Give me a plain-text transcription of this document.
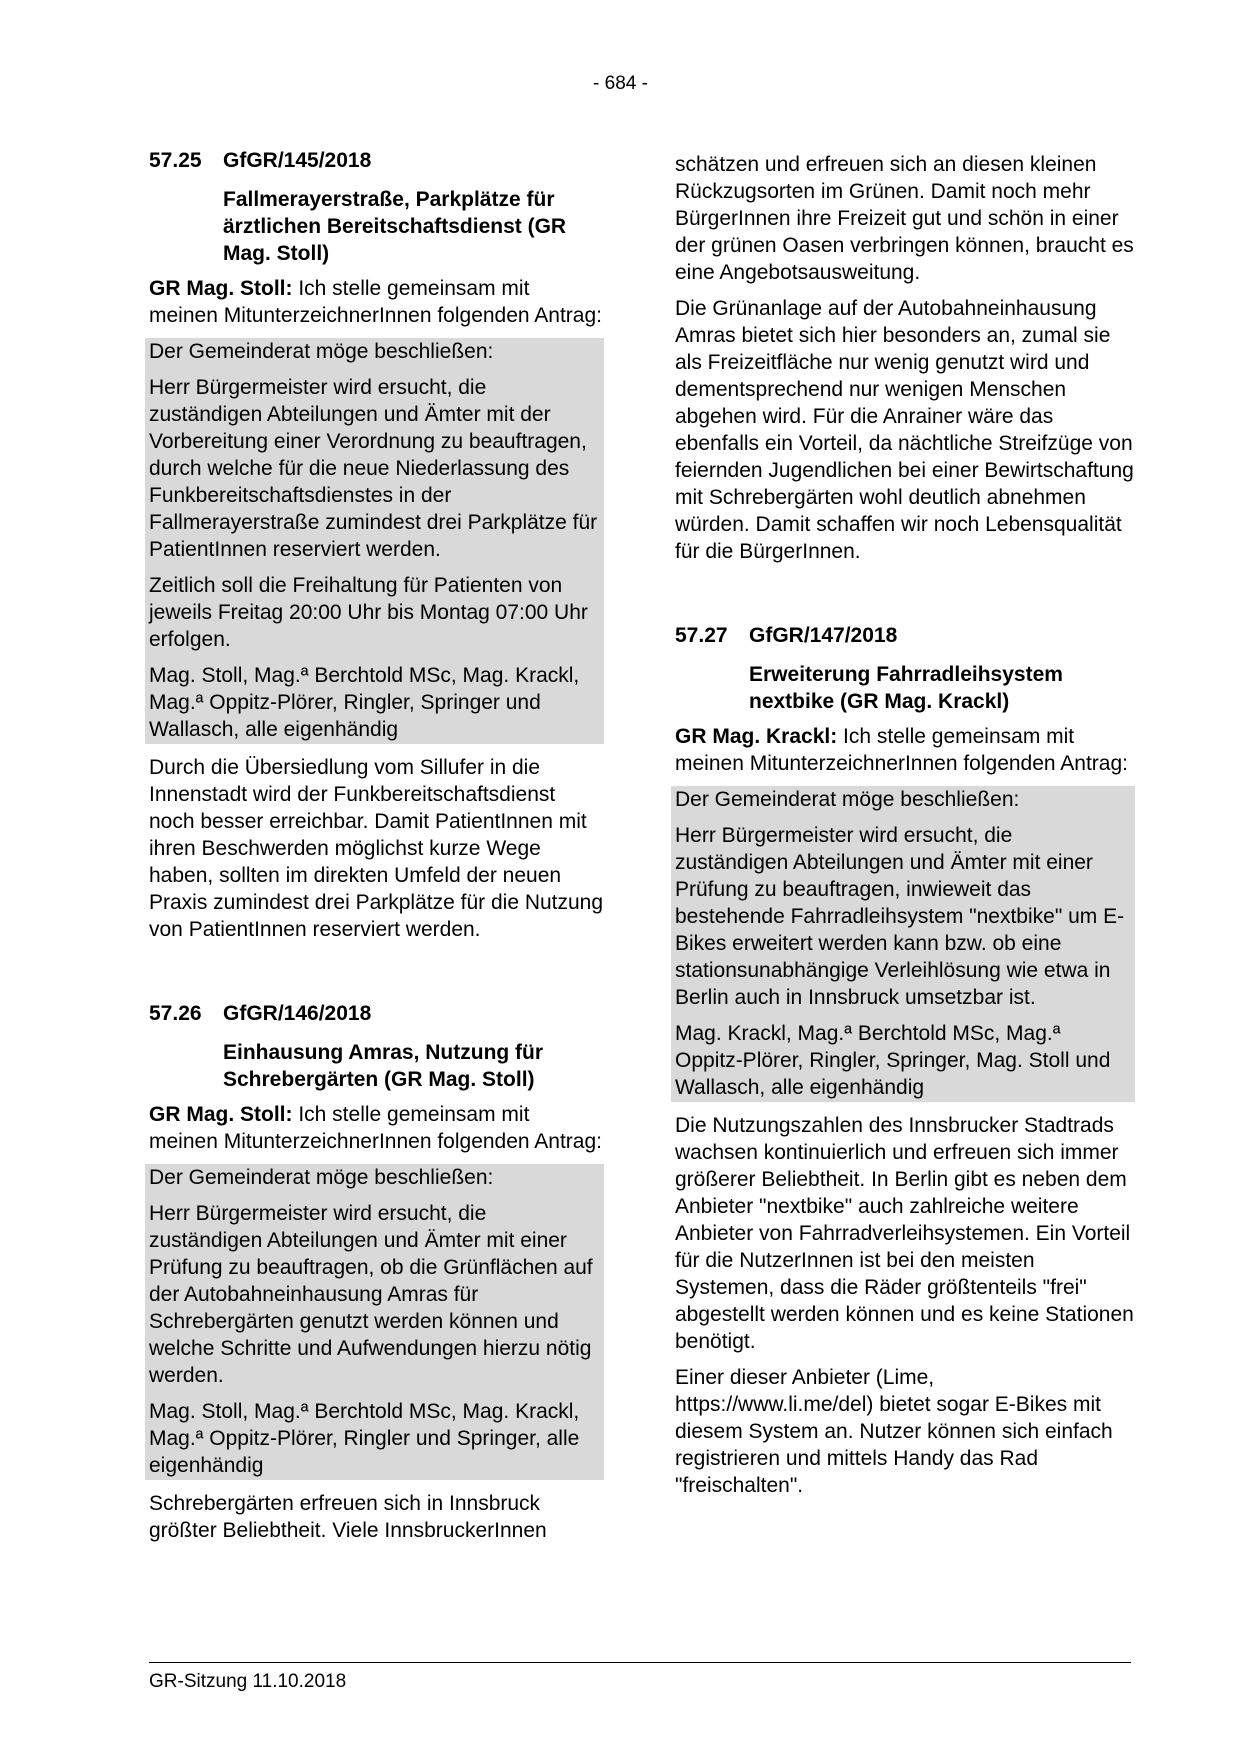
- 684 -
57.25	GfGR/145/2018
Fallmerayerstraße, Parkplätze für ärztlichen Bereitschaftsdienst (GR Mag. Stoll)

GR Mag. Stoll: Ich stelle gemeinsam mit meinen MitunterzeichnerInnen folgenden Antrag:

Der Gemeinderat möge beschließen:

Herr Bürgermeister wird ersucht, die zuständigen Abteilungen und Ämter mit der Vorbereitung einer Verordnung zu beauftragen, durch welche für die neue Niederlassung des Funkbereitschaftsdienstes in der Fallmerayerstraße zumindest drei Parkplätze für PatientInnen reserviert werden.

Zeitlich soll die Freihaltung für Patienten von jeweils Freitag 20:00 Uhr bis Montag 07:00 Uhr erfolgen.

Mag. Stoll, Mag.ª Berchtold MSc, Mag. Krackl, Mag.ª Oppitz-Plörer, Ringler, Springer und Wallasch, alle eigenhändig

Durch die Übersiedlung vom Sillufer in die Innenstadt wird der Funkbereitschaftsdienst noch besser erreichbar. Damit PatientInnen mit ihren Beschwerden möglichst kurze Wege haben, sollten im direkten Umfeld der neuen Praxis zumindest drei Parkplätze für die Nutzung von PatientInnen reserviert werden.

57.26	GfGR/146/2018
Einhausung Amras, Nutzung für Schrebergärten (GR Mag. Stoll)

GR Mag. Stoll: Ich stelle gemeinsam mit meinen MitunterzeichnerInnen folgenden Antrag:

Der Gemeinderat möge beschließen:

Herr Bürgermeister wird ersucht, die zuständigen Abteilungen und Ämter mit einer Prüfung zu beauftragen, ob die Grünflächen auf der Autobahneinhausung Amras für Schrebergärten genutzt werden können und welche Schritte und Aufwendungen hierzu nötig werden.

Mag. Stoll, Mag.ª Berchtold MSc, Mag. Krackl, Mag.ª Oppitz-Plörer, Ringler und Springer, alle eigenhändig

Schrebergärten erfreuen sich in Innsbruck größter Beliebtheit. Viele InnsbruckerInnen

schätzen und erfreuen sich an diesen kleinen Rückzugsorten im Grünen. Damit noch mehr BürgerInnen ihre Freizeit gut und schön in einer der grünen Oasen verbringen können, braucht es eine Angebotsausweitung.

Die Grünanlage auf der Autobahneinhausung Amras bietet sich hier besonders an, zumal sie als Freizeitfläche nur wenig genutzt wird und dementsprechend nur wenigen Menschen abgehen wird. Für die Anrainer wäre das ebenfalls ein Vorteil, da nächtliche Streifzüge von feiernden Jugendlichen bei einer Bewirtschaftung mit Schrebergärten wohl deutlich abnehmen würden. Damit schaffen wir noch Lebensqualität für die BürgerInnen.

57.27	GfGR/147/2018
Erweiterung Fahrradleihsystem nextbike (GR Mag. Krackl)

GR Mag. Krackl: Ich stelle gemeinsam mit meinen MitunterzeichnerInnen folgenden Antrag:

Der Gemeinderat möge beschließen:

Herr Bürgermeister wird ersucht, die zuständigen Abteilungen und Ämter mit einer Prüfung zu beauftragen, inwieweit das bestehende Fahrradleihsystem "nextbike" um E-Bikes erweitert werden kann bzw. ob eine stationsunabhängige Verleihlösung wie etwa in Berlin auch in Innsbruck umsetzbar ist.

Mag. Krackl, Mag.ª Berchtold MSc, Mag.ª Oppitz-Plörer, Ringler, Springer, Mag. Stoll und Wallasch, alle eigenhändig

Die Nutzungszahlen des Innsbrucker Stadtrads wachsen kontinuierlich und erfreuen sich immer größerer Beliebtheit. In Berlin gibt es neben dem Anbieter "nextbike" auch zahlreiche weitere Anbieter von Fahrradverleihsystemen. Ein Vorteil für die NutzerInnen ist bei den meisten Systemen, dass die Räder größtenteils "frei" abgestellt werden können und es keine Stationen benötigt.

Einer dieser Anbieter (Lime, https://www.li.me/del) bietet sogar E-Bikes mit diesem System an. Nutzer können sich einfach registrieren und mittels Handy das Rad "freischalten".

GR-Sitzung 11.10.2018
